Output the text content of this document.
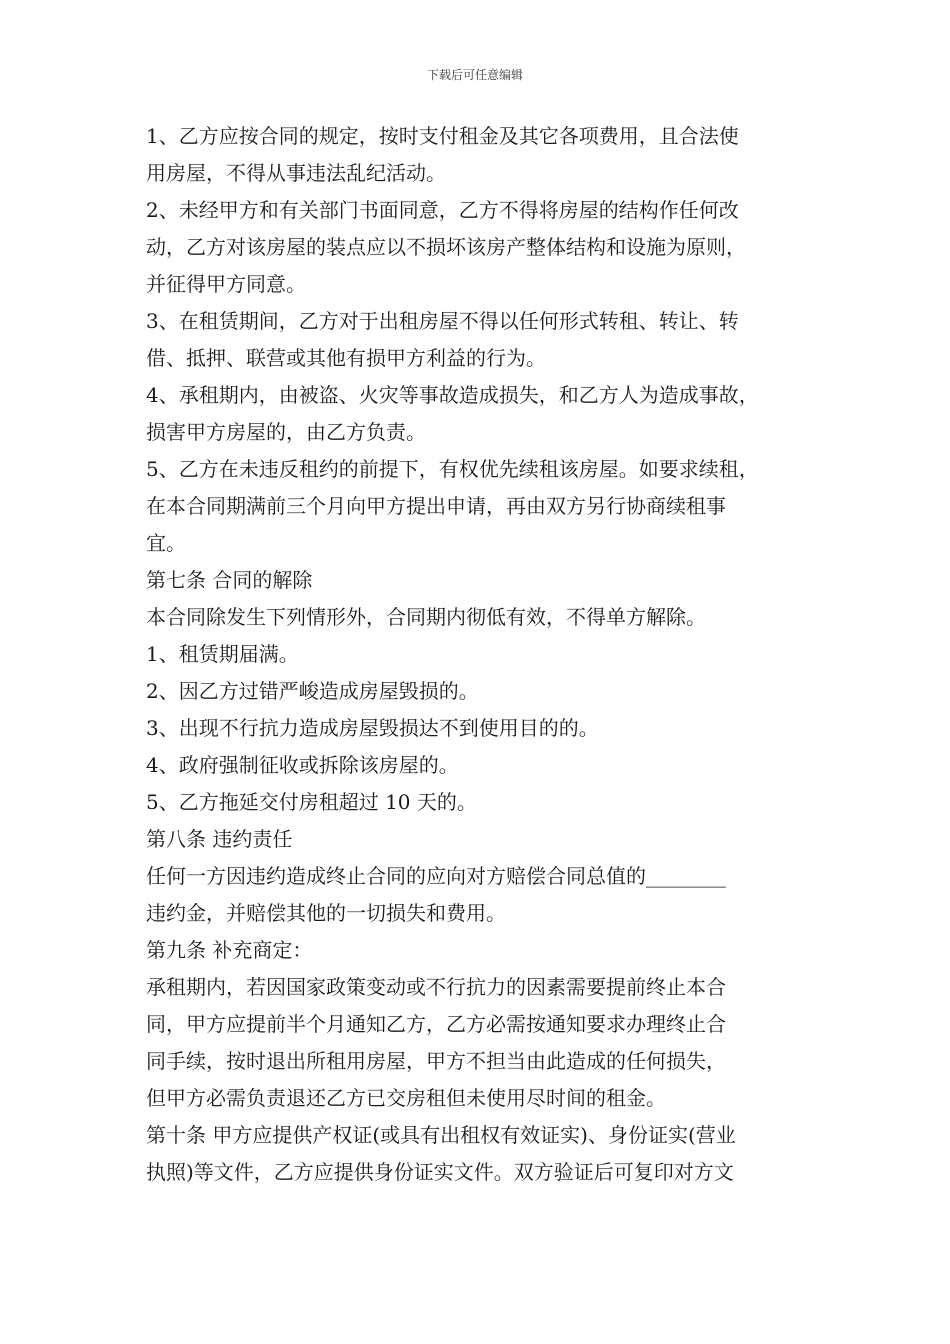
下载后可任意编辑
1、乙方应按合同的规定，按时支付租金及其它各项费用，且合法使
用房屋，不得从事违法乱纪活动。
2、未经甲方和有关部门书面同意，乙方不得将房屋的结构作任何改
动，乙方对该房屋的装点应以不损坏该房产整体结构和设施为原则，
并征得甲方同意。
3、在租赁期间，乙方对于出租房屋不得以任何形式转租、转让、转
借、抵押、联营或其他有损甲方利益的行为。
4、承租期内，由被盗、火灾等事故造成损失，和乙方人为造成事故，
损害甲方房屋的，由乙方负责。
5、乙方在未违反租约的前提下，有权优先续租该房屋。如要求续租，
在本合同期满前三个月向甲方提出申请，再由双方另行协商续租事
宜。
第七条 合同的解除
本合同除发生下列情形外，合同期内彻低有效，不得单方解除。
1、租赁期届满。
2、因乙方过错严峻造成房屋毁损的。
3、出现不行抗力造成房屋毁损达不到使用目的的。
4、政府强制征收或拆除该房屋的。
5、乙方拖延交付房租超过 10 天的。
第八条 违约责任
任何一方因违约造成终止合同的应向对方赔偿合同总值的________
违约金，并赔偿其他的一切损失和费用。
第九条 补充商定：
承租期内，若因国家政策变动或不行抗力的因素需要提前终止本合
同，甲方应提前半个月通知乙方，乙方必需按通知要求办理终止合
同手续，按时退出所租用房屋，甲方不担当由此造成的任何损失，
但甲方必需负责退还乙方已交房租但未使用尽时间的租金。
第十条 甲方应提供产权证(或具有出租权有效证实)、身份证实(营业
执照)等文件，乙方应提供身份证实文件。双方验证后可复印对方文
